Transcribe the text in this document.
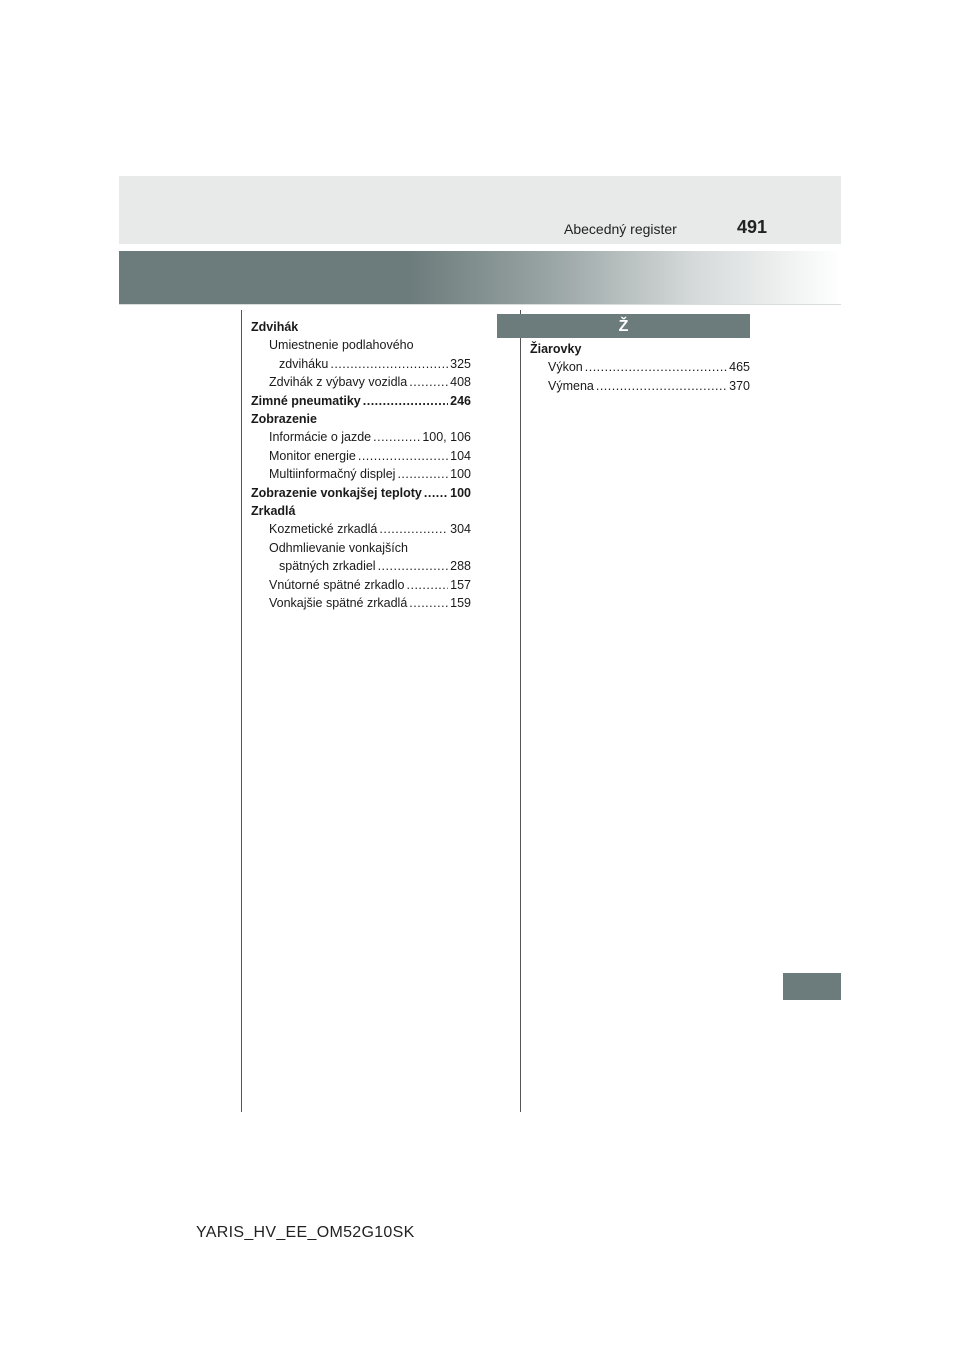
Abecedný register	491
Zdvihák
Umiestnenie podlahového
zdviháku .....	325
Zdvihák z výbavy vozidla .....	408
Zimné pneumatiky .....	246
Zobrazenie
Informácie o jazde .....	100, 106
Monitor energie .....	104
Multiinformačný displej .....	100
Zobrazenie vonkajšej teploty ..... 100
Zrkadlá
Kozmetické zrkadlá .....	304
Odhmlievanie vonkajších
spätných zrkadiel .....	288
Vnútorné spätné zrkadlo .....	157
Vonkajšie spätné zrkadlá .....	159
Ž
Žiarovky
Výkon .....	465
Výmena .....	370
YARIS_HV_EE_OM52G10SK
